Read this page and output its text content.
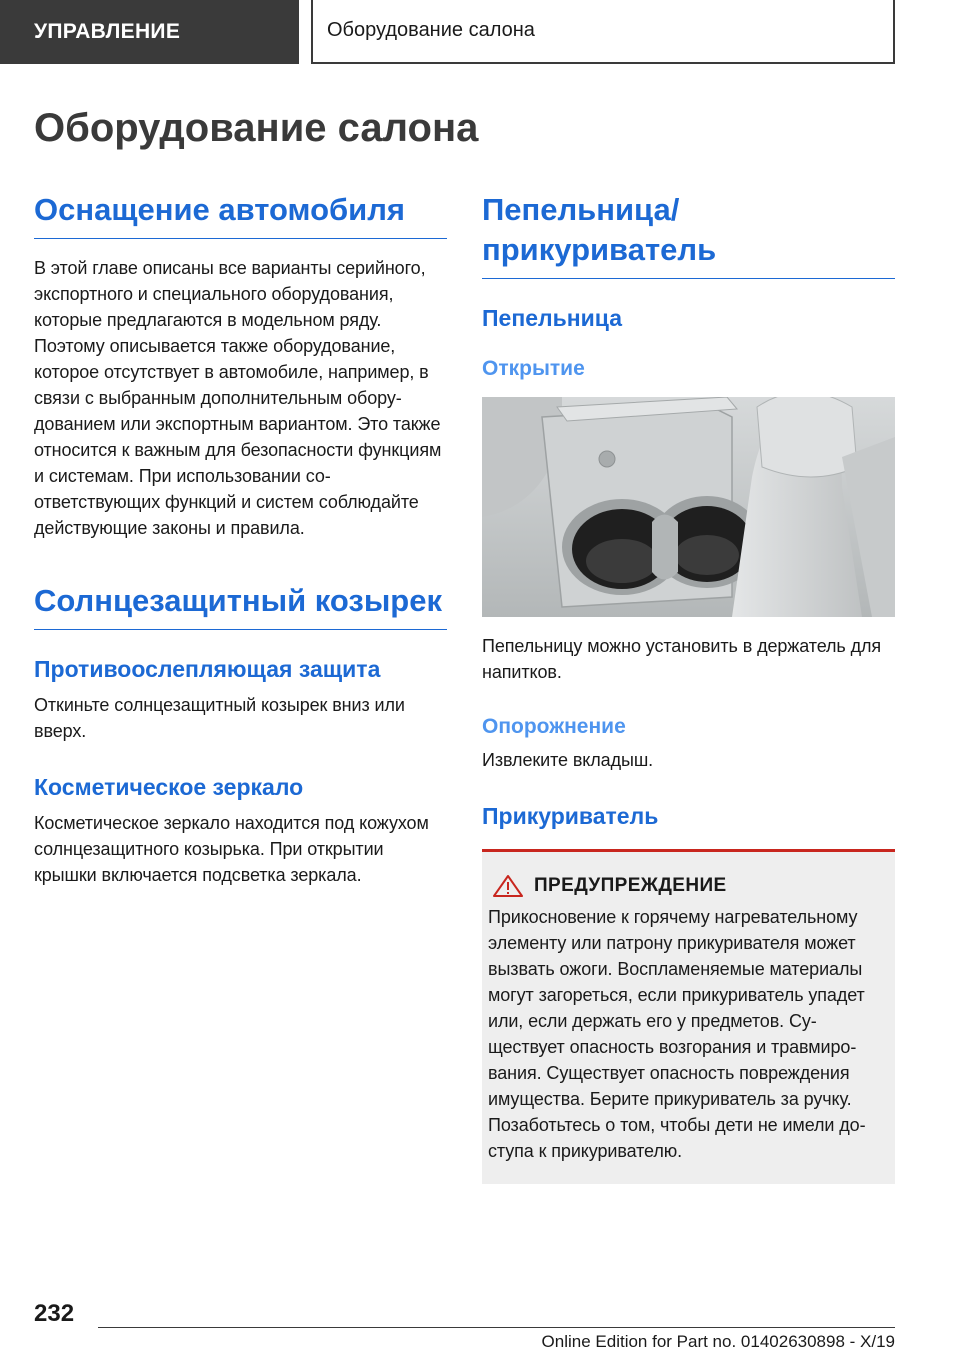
УПРАВЛЕНИЕ	Оборудование салона
Оборудование салона
Оснащение автомобиля

В этой главе описаны все варианты серийного, экспортного и специального оборудования, которые предлагаются в модельном ряду. Поэтому описывается также оборудование, которое отсутствует в автомобиле, например, в связи с выбранным дополнительным оборудованием или экспортным вариантом. Это также относится к важным для безопасности функциям и системам. При использовании соответствующих функций и систем соблюдайте действующие законы и правила.

Солнцезащитный козырек
Противоослепляющая защита

Откиньте солнцезащитный козырек вниз или вверх.

Косметическое зеркало

Косметическое зеркало находится под кожухом солнцезащитного козырька. При открытии крышки включается подсветка зеркала.

Пепельница/ прикуриватель
Пепельница
Открытие

Пепельницу можно установить в держатель для напитков.

Опорожнение

Извлеките вкладыш.

Прикуриватель
ПРЕДУПРЕЖДЕНИЕ

Прикосновение к горячему нагревательному элементу или патрону прикуривателя может вызвать ожоги. Воспламеняемые материалы могут загореться, если прикуриватель упадет или, если держать его у предметов. Существует опасность возгорания и травмирования. Существует опасность повреждения имущества. Берите прикуриватель за ручку. Позаботьтесь о том, чтобы дети не имели доступа к прикуривателю.

232
Online Edition for Part no. 01402630898 - X/19
